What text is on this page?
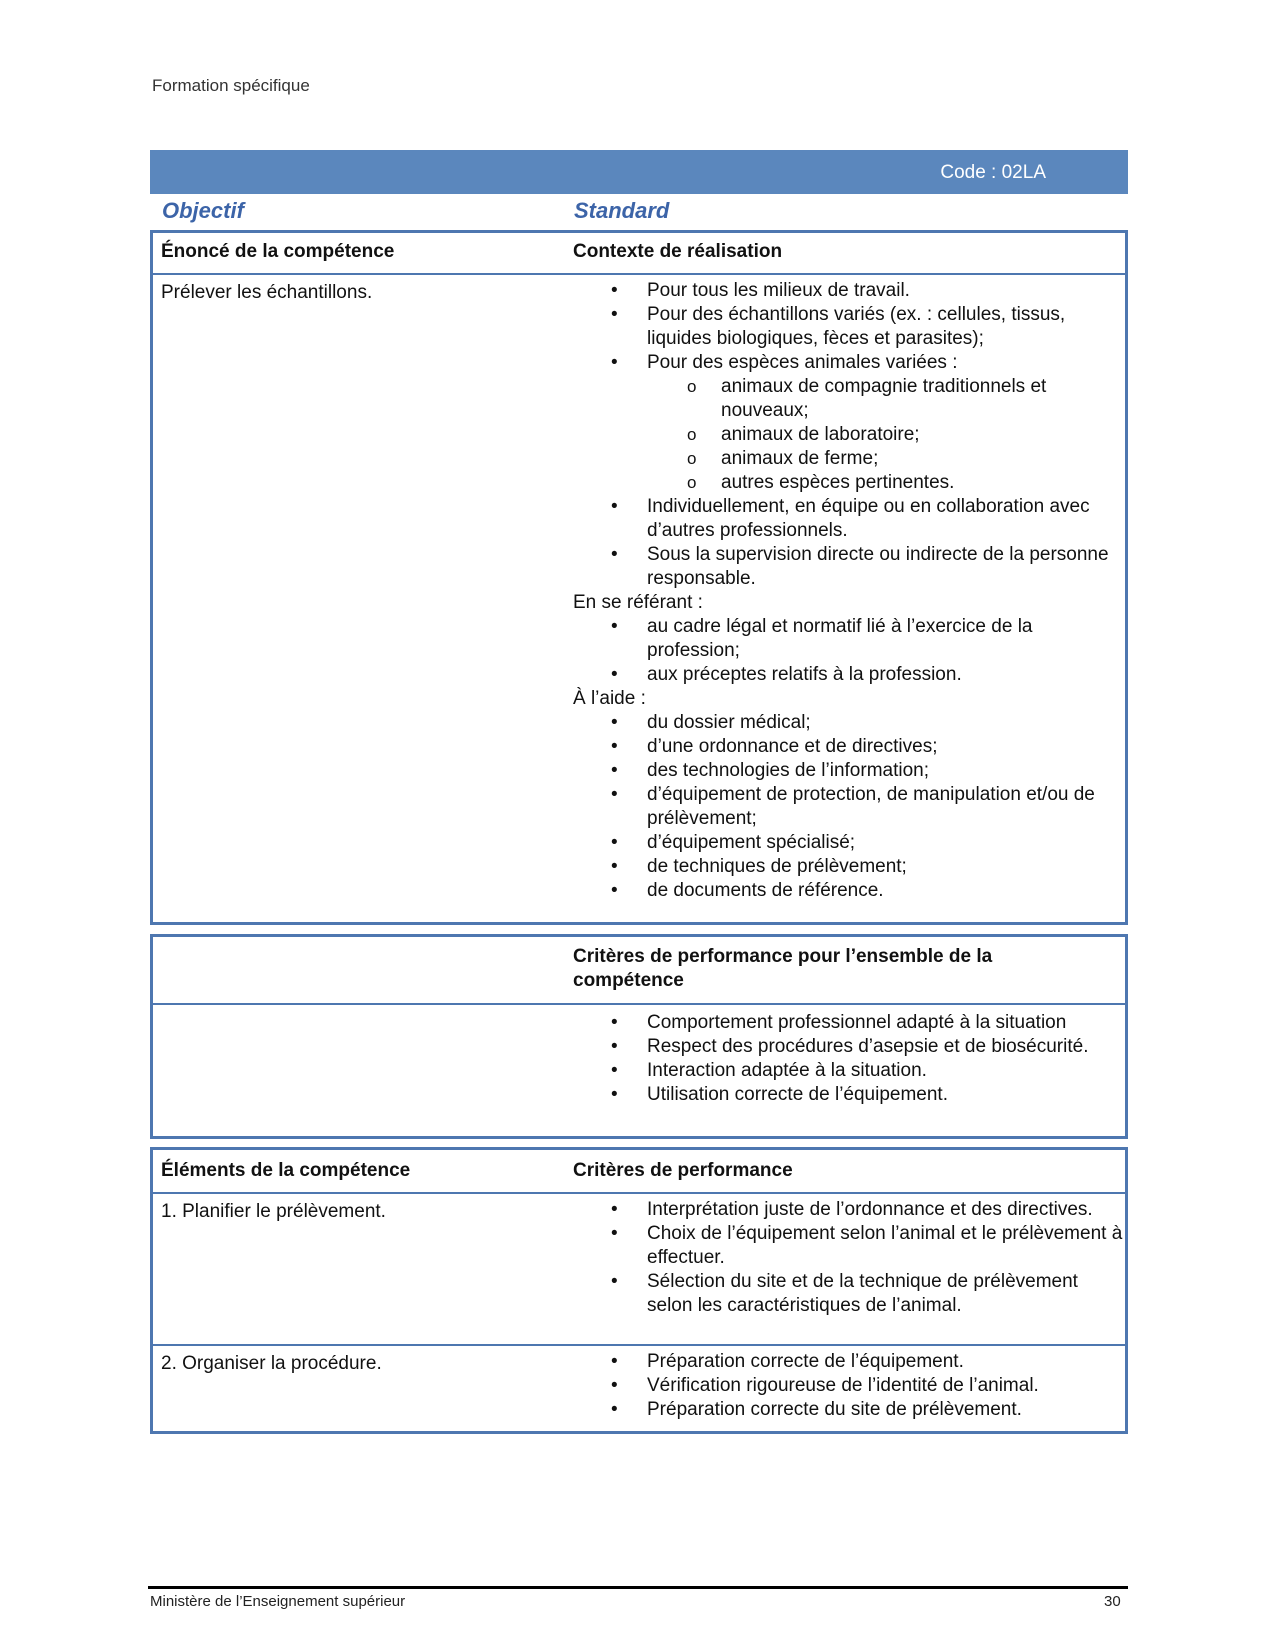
Formation spécifique
Code : 02LA
Objectif	Standard
Énoncé de la compétence	Contexte de réalisation
Prélever les échantillons.	• Pour tous les milieux de travail.
• Pour des échantillons variés (ex. : cellules, tissus, liquides biologiques, fèces et parasites);
• Pour des espèces animales variées :
o animaux de compagnie traditionnels et nouveaux;
o animaux de laboratoire;
o animaux de ferme;
o autres espèces pertinentes.
• Individuellement, en équipe ou en collaboration avec d’autres professionnels.
• Sous la supervision directe ou indirecte de la personne responsable.
En se référant :
• au cadre légal et normatif lié à l’exercice de la profession;
• aux préceptes relatifs à la profession.
À l’aide :
• du dossier médical;
• d’une ordonnance et de directives;
• des technologies de l’information;
• d’équipement de protection, de manipulation et/ou de prélèvement;
• d’équipement spécialisé;
• de techniques de prélèvement;
• de documents de référence.
Critères de performance pour l’ensemble de la compétence
• Comportement professionnel adapté à la situation
• Respect des procédures d’asepsie et de biosécurité.
• Interaction adaptée à la situation.
• Utilisation correcte de l’équipement.
Éléments de la compétence	Critères de performance
1. Planifier le prélèvement.	• Interprétation juste de l’ordonnance et des directives.
• Choix de l’équipement selon l’animal et le prélèvement à effectuer.
• Sélection du site et de la technique de prélèvement selon les caractéristiques de l’animal.
2. Organiser la procédure.	• Préparation correcte de l’équipement.
• Vérification rigoureuse de l’identité de l’animal.
• Préparation correcte du site de prélèvement.
Ministère de l’Enseignement supérieur	30
